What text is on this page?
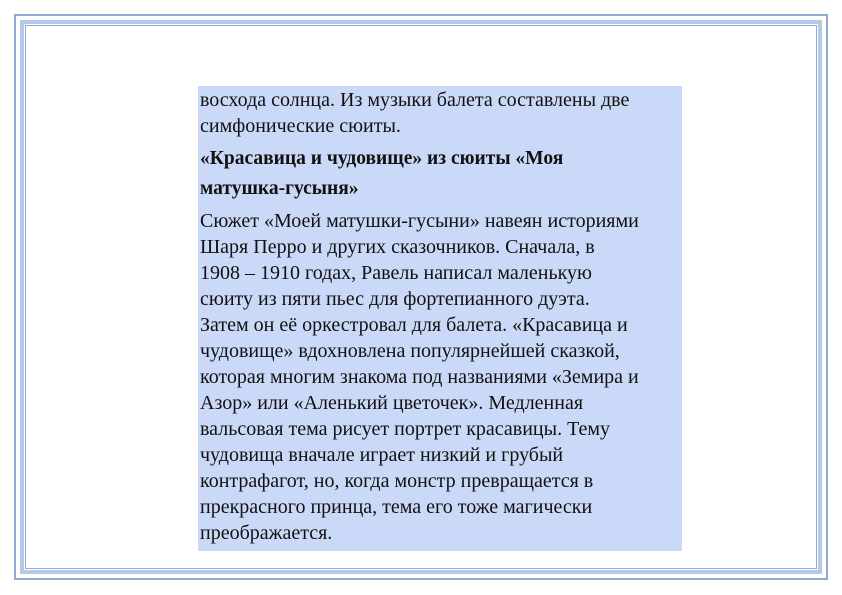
восхода солнца. Из музыки балета составлены две
симфонические сюиты.

«Красавица и чудовище» из сюиты «Моя
матушка-гусыня»

Сюжет «Моей матушки-гусыни» навеян историями
Шаря Перро и других сказочников. Сначала, в
1908 – 1910 годах, Равель написал маленькую
сюиту из пяти пьес для фортепианного дуэта.
Затем он её оркестровал для балета. «Красавица и
чудовище» вдохновлена популярнейшей сказкой,
которая многим знакома под названиями «Земира и
Азор» или «Аленький цветочек». Медленная
вальсовая тема рисует портрет красавицы. Тему
чудовища вначале играет низкий и грубый
контрафагот, но, когда монстр превращается в
прекрасного принца, тема его тоже магически
преображается.
